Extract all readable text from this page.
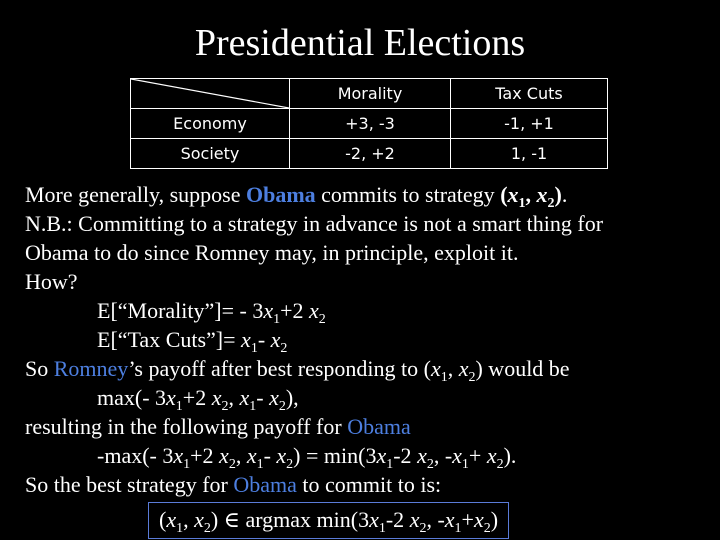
Presidential Elections
	Morality	Tax Cuts
Economy	+3, -3	-1, +1
Society	-2, +2	1, -1
More generally, suppose Obama commits to strategy ($x_1$, $x_2$).
N.B.: Committing to a strategy in advance is not a smart thing for
Obama to do since Romney may, in principle, exploit it.
How?
E[“Morality”]= - $3x_1+2$ $x_2$
E[“Tax Cuts”]= $x_1-$ $x_2$
So Romney’s payoff after best responding to ($x_1$, $x_2$) would be
max(- $3x_1+2$ $x_2$, $x_1-$ $x_2$),
resulting in the following payoff for Obama
-max(- $3x_1+2$ $x_2$, $x_1-$ $x_2) = \min(3x_1-2$ $x_2$, $-x_1+ x_2$).
So the best strategy for Obama to commit to is:
($x_1$, $x_2$) ∈ argmax $\min(3x_1-2$ $x_2$, $-x_1+x_2$)
